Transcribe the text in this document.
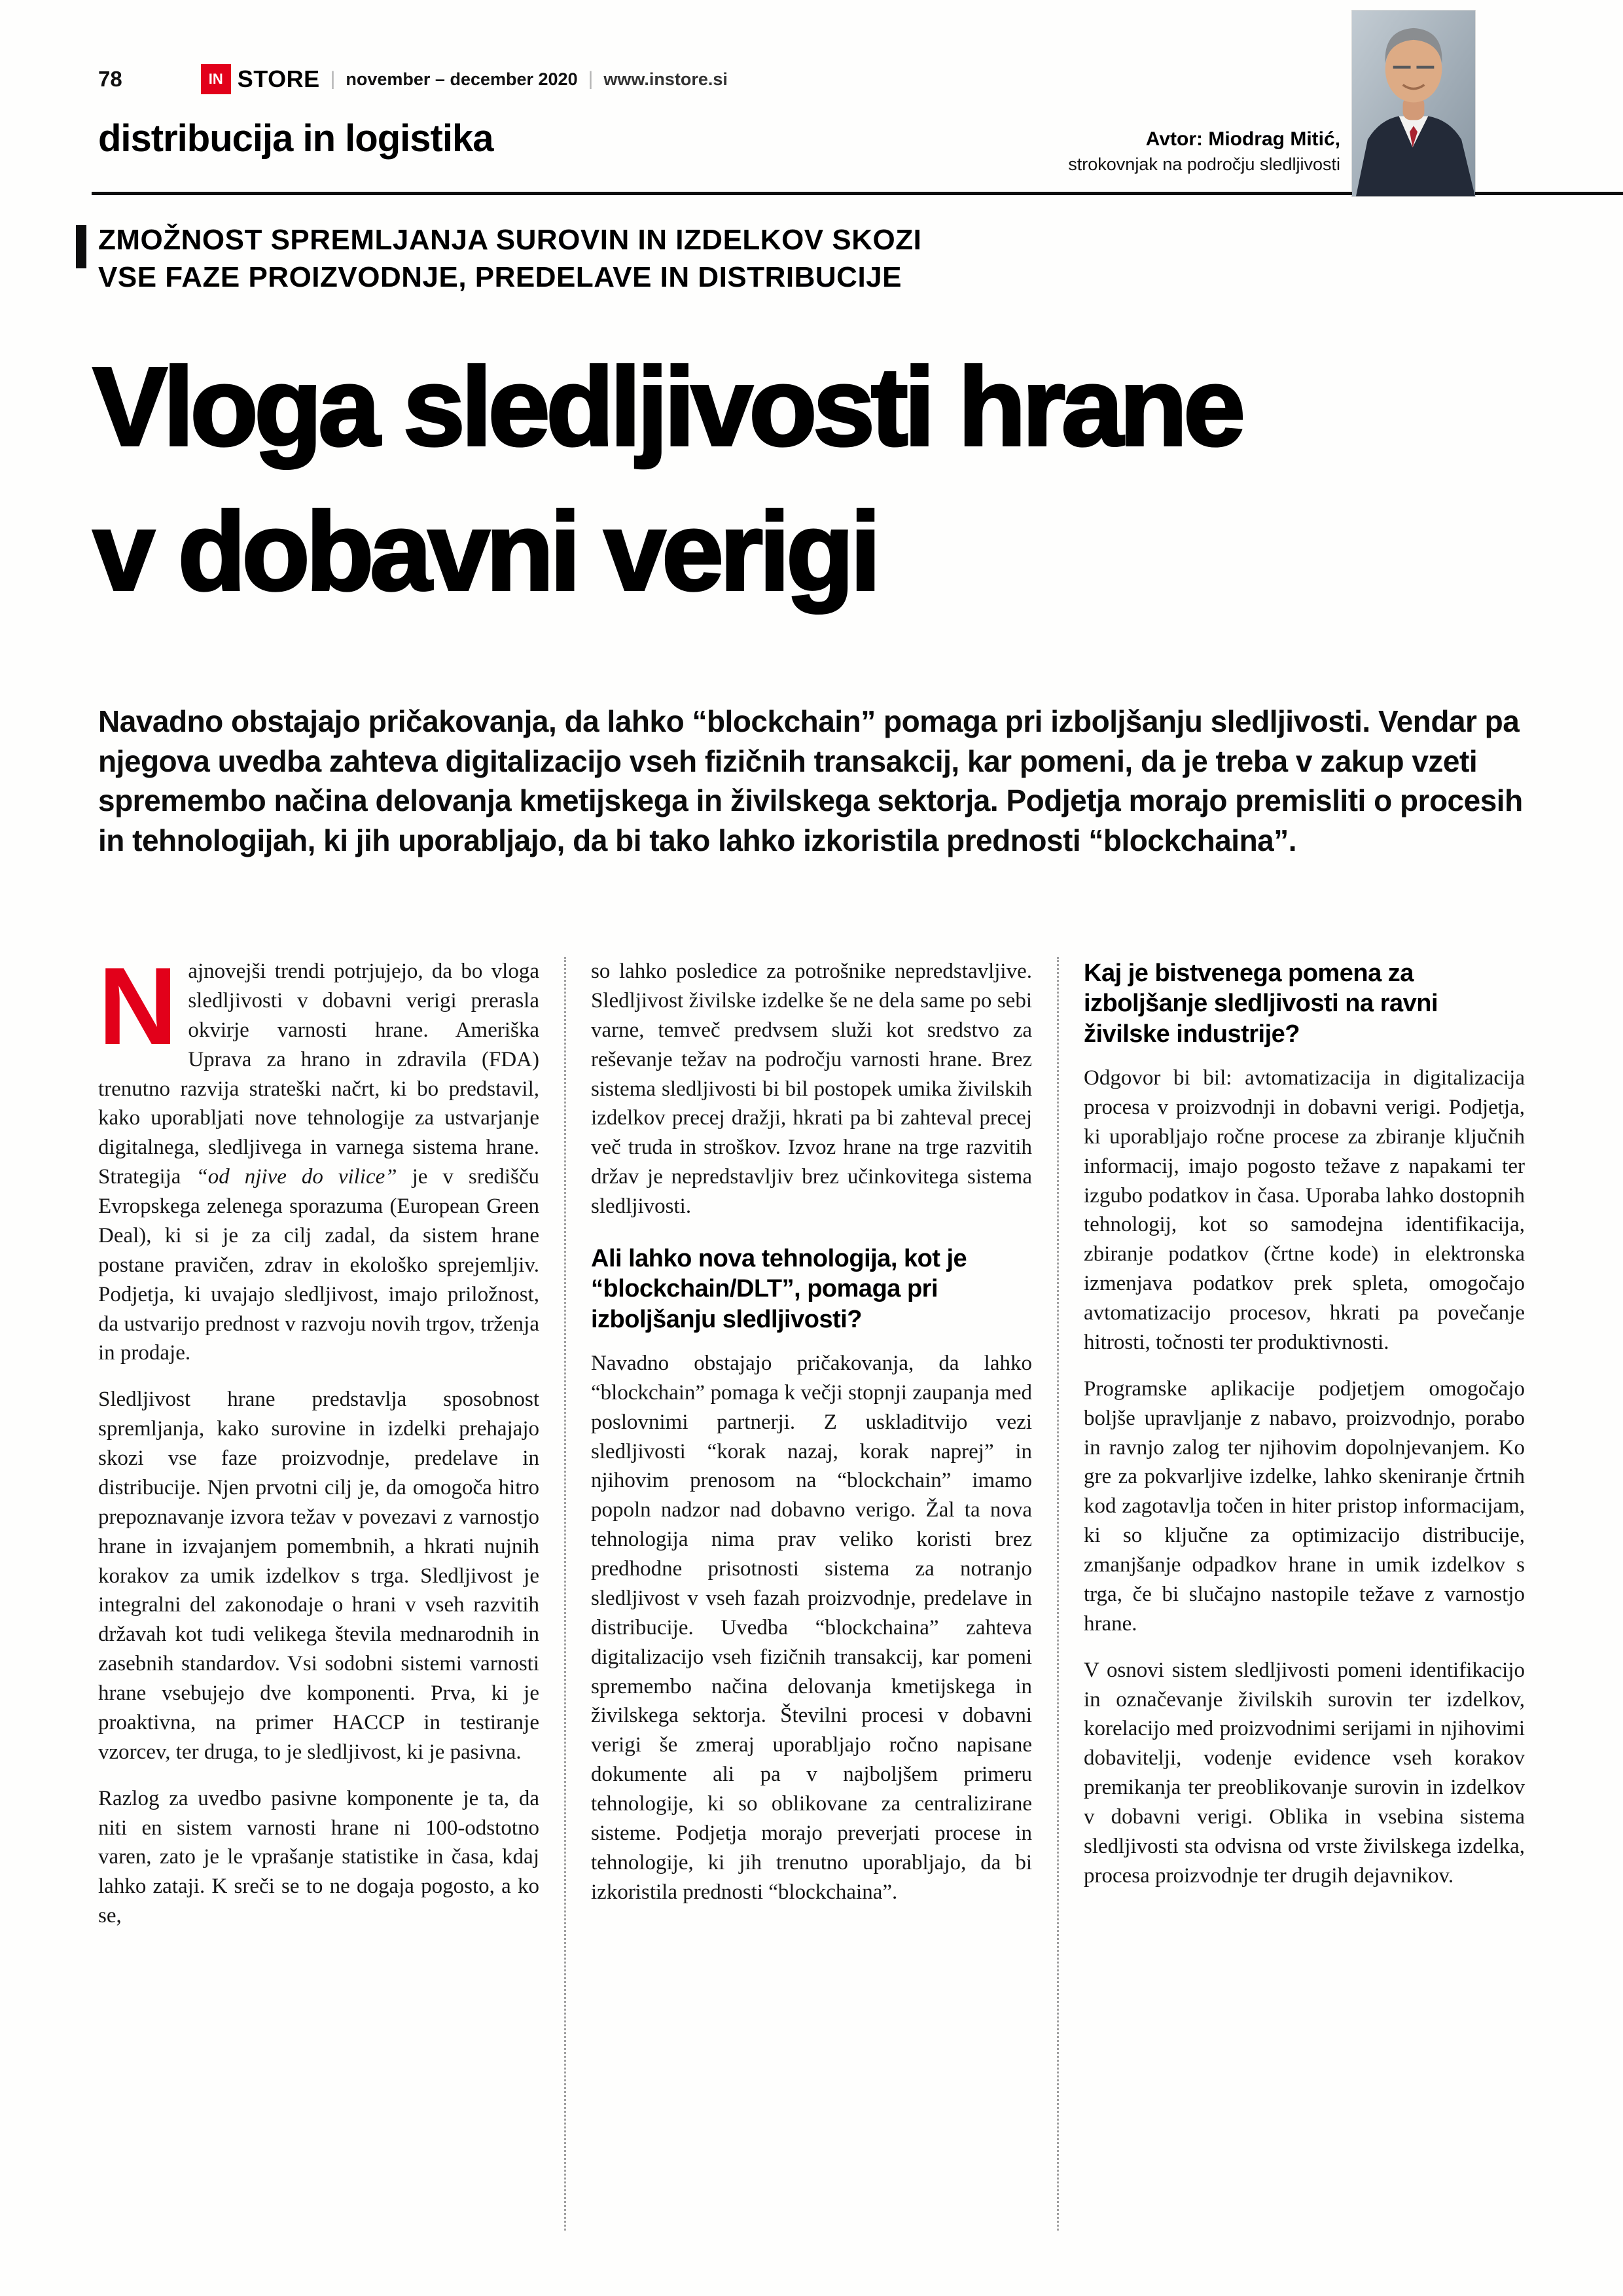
78	IN STORE | november – december 2020 | www.instore.si
distribucija in logistika	Avtor: Miodrag Mitić,
strokovnjak na področju sledljivosti
ZMOŽNOST SPREMLJANJA SUROVIN IN IZDELKOV SKOZI
VSE FAZE PROIZVODNJE, PREDELAVE IN DISTRIBUCIJE
Vloga sledljivosti hrane
v dobavni verigi
Navadno obstajajo pričakovanja, da lahko “blockchain” pomaga pri izboljšanju sledljivosti. Vendar pa njegova uvedba zahteva digitalizacijo vseh fizičnih transakcij, kar pomeni, da je treba v zakup vzeti spremembo načina delovanja kmetijskega in živilskega sektorja. Podjetja morajo premisliti o procesih in tehnologijah, ki jih uporabljajo, da bi tako lahko izkoristila prednosti “blockchaina”.

Najnovejši trendi potrjujejo, da bo vloga sledljivosti v dobavni verigi prerasla okvirje varnosti hrane. Ameriška Uprava za hrano in zdravila (FDA) trenutno razvija strateški načrt, ki bo predstavil, kako uporabljati nove tehnologije za ustvarjanje digitalnega, sledljivega in varnega sistema hrane. Strategija “od njive do vilice” je v središču Evropskega zelenega sporazuma (European Green Deal), ki si je za cilj zadal, da sistem hrane postane pravičen, zdrav in ekološko sprejemljiv. Podjetja, ki uvajajo sledljivost, imajo priložnost, da ustvarijo prednost v razvoju novih trgov, trženja in prodaje.

Sledljivost hrane predstavlja sposobnost spremljanja, kako surovine in izdelki prehajajo skozi vse faze proizvodnje, predelave in distribucije. Njen prvotni cilj je, da omogoča hitro prepoznavanje izvora težav v povezavi z varnostjo hrane in izvajanjem pomembnih, a hkrati nujnih korakov za umik izdelkov s trga. Sledljivost je integralni del zakonodaje o hrani v vseh razvitih državah kot tudi velikega števila mednarodnih in zasebnih standardov. Vsi sodobni sistemi varnosti hrane vsebujejo dve komponenti. Prva, ki je proaktivna, na primer HACCP in testiranje vzorcev, ter druga, to je sledljivost, ki je pasivna.

Razlog za uvedbo pasivne komponente je ta, da niti en sistem varnosti hrane ni 100-odstotno varen, zato je le vprašanje statistike in časa, kdaj lahko zataji. K sreči se to ne dogaja pogosto, a ko se,

so lahko posledice za potrošnike nepredstavljive. Sledljivost živilske izdelke še ne dela same po sebi varne, temveč predvsem služi kot sredstvo za reševanje težav na področju varnosti hrane. Brez sistema sledljivosti bi bil postopek umika živilskih izdelkov precej dražji, hkrati pa bi zahteval precej več truda in stroškov. Izvoz hrane na trge razvitih držav je nepredstavljiv brez učinkovitega sistema sledljivosti.

Ali lahko nova tehnologija, kot je “blockchain/DLT”, pomaga pri izboljšanju sledljivosti?

Navadno obstajajo pričakovanja, da lahko “blockchain” pomaga k večji stopnji zaupanja med poslovnimi partnerji. Z uskladitvijo vezi sledljivosti “korak nazaj, korak naprej” in njihovim prenosom na “blockchain” imamo popoln nadzor nad dobavno verigo. Žal ta nova tehnologija nima prav veliko koristi brez predhodne prisotnosti sistema za notranjo sledljivost v vseh fazah proizvodnje, predelave in distribucije. Uvedba “blockchaina” zahteva digitalizacijo vseh fizičnih transakcij, kar pomeni spremembo načina delovanja kmetijskega in živilskega sektorja. Številni procesi v dobavni verigi še zmeraj uporabljajo ročno napisane dokumente ali pa v najboljšem primeru tehnologije, ki so oblikovane za centralizirane sisteme. Podjetja morajo preverjati procese in tehnologije, ki jih trenutno uporabljajo, da bi izkoristila prednosti “blockchaina”.

Kaj je bistvenega pomena za izboljšanje sledljivosti na ravni živilske industrije?

Odgovor bi bil: avtomatizacija in digitalizacija procesa v proizvodnji in dobavni verigi. Podjetja, ki uporabljajo ročne procese za zbiranje ključnih informacij, imajo pogosto težave z napakami ter izgubo podatkov in časa. Uporaba lahko dostopnih tehnologij, kot so samodejna identifikacija, zbiranje podatkov (črtne kode) in elektronska izmenjava podatkov prek spleta, omogočajo avtomatizacijo procesov, hkrati pa povečanje hitrosti, točnosti ter produktivnosti.

Programske aplikacije podjetjem omogočajo boljše upravljanje z nabavo, proizvodnjo, porabo in ravnjo zalog ter njihovim dopolnjevanjem. Ko gre za pokvarljive izdelke, lahko skeniranje črtnih kod zagotavlja točen in hiter pristop informacijam, ki so ključne za optimizacijo distribucije, zmanjšanje odpadkov hrane in umik izdelkov s trga, če bi slučajno nastopile težave z varnostjo hrane.

V osnovi sistem sledljivosti pomeni identifikacijo in označevanje živilskih surovin ter izdelkov, korelacijo med proizvodnimi serijami in njihovimi dobavitelji, vodenje evidence vseh korakov premikanja ter preoblikovanje surovin in izdelkov v dobavni verigi. Oblika in vsebina sistema sledljivosti sta odvisna od vrste živilskega izdelka, procesa proizvodnje ter drugih dejavnikov.
